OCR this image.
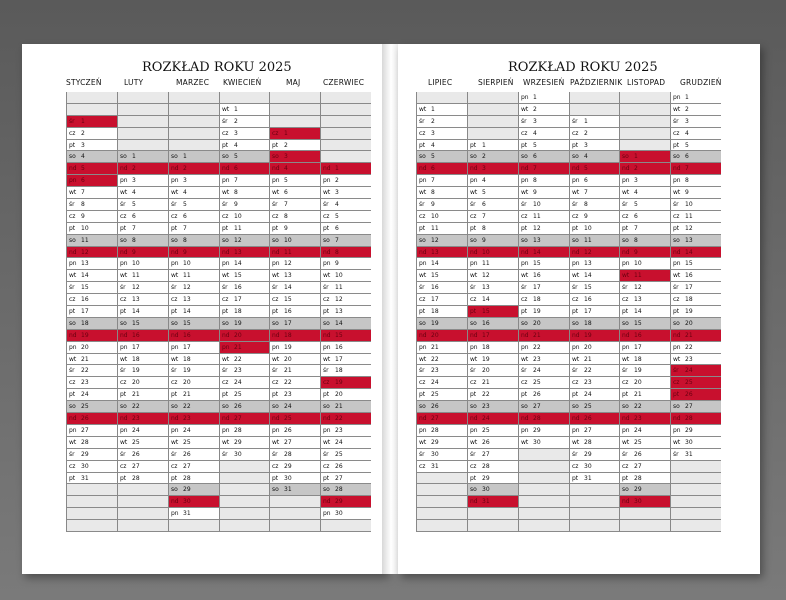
ROZKŁAD ROKU 2025
STYCZEŃ
śr 1
cz 2
pt 3
so 4
nd 5
pn 6
wt 7
śr 8
cz 9
pt 10
so 11
nd 12
pn 13
wt 14
śr 15
cz 16
pt 17
so 18
nd 19
pn 20
wt 21
śr 22
cz 23
pt 24
so 25
nd 26
pn 27
wt 28
śr 29
cz 30
pt 31
LUTY
so 1
nd 2
pn 3
wt 4
śr 5
cz 6
pt 7
so 8
nd 9
pn 10
wt 11
śr 12
cz 13
pt 14
so 15
nd 16
pn 17
wt 18
śr 19
cz 20
pt 21
so 22
nd 23
pn 24
wt 25
śr 26
cz 27
pt 28
MARZEC
so 1
nd 2
pn 3
wt 4
śr 5
cz 6
pt 7
so 8
nd 9
pn 10
wt 11
śr 12
cz 13
pt 14
so 15
nd 16
pn 17
wt 18
śr 19
cz 20
pt 21
so 22
nd 23
pn 24
wt 25
śr 26
cz 27
pt 28
so 29
nd 30
pn 31
KWIECIEŃ
wt 1
śr 2
cz 3
pt 4
so 5
nd 6
pn 7
wt 8
śr 9
cz 10
pt 11
so 12
nd 13
pn 14
wt 15
śr 16
cz 17
pt 18
so 19
nd 20
pn 21
wt 22
śr 23
cz 24
pt 25
so 26
nd 27
pn 28
wt 29
śr 30
MAJ
cz 1
pt 2
so 3
nd 4
pn 5
wt 6
śr 7
cz 8
pt 9
so 10
nd 11
pn 12
wt 13
śr 14
cz 15
pt 16
so 17
nd 18
pn 19
wt 20
śr 21
cz 22
pt 23
so 24
nd 25
pn 26
wt 27
śr 28
cz 29
pt 30
so 31
CZERWIEC
nd 1
pn 2
wt 3
śr 4
cz 5
pt 6
so 7
nd 8
pn 9
wt 10
śr 11
cz 12
pt 13
so 14
nd 15
pn 16
wt 17
śr 18
cz 19
pt 20
so 21
nd 22
pn 23
wt 24
śr 25
cz 26
pt 27
so 28
nd 29
pn 30
ROZKŁAD ROKU 2025
LIPIEC
wt 1
śr 2
cz 3
pt 4
so 5
nd 6
pn 7
wt 8
śr 9
cz 10
pt 11
so 12
nd 13
pn 14
wt 15
śr 16
cz 17
pt 18
so 19
nd 20
pn 21
wt 22
śr 23
cz 24
pt 25
so 26
nd 27
pn 28
wt 29
śr 30
cz 31
SIERPIEŃ
pt 1
so 2
nd 3
pn 4
wt 5
śr 6
cz 7
pt 8
so 9
nd 10
pn 11
wt 12
śr 13
cz 14
pt 15
so 16
nd 17
pn 18
wt 19
śr 20
cz 21
pt 22
so 23
nd 24
pn 25
wt 26
śr 27
cz 28
pt 29
so 30
nd 31
WRZESIEŃ
pn 1
wt 2
śr 3
cz 4
pt 5
so 6
nd 7
pn 8
wt 9
śr 10
cz 11
pt 12
so 13
nd 14
pn 15
wt 16
śr 17
cz 18
pt 19
so 20
nd 21
pn 22
wt 23
śr 24
cz 25
pt 26
so 27
nd 28
pn 29
wt 30
PAŹDZIERNIK
śr 1
cz 2
pt 3
so 4
nd 5
pn 6
wt 7
śr 8
cz 9
pt 10
so 11
nd 12
pn 13
wt 14
śr 15
cz 16
pt 17
so 18
nd 19
pn 20
wt 21
śr 22
cz 23
pt 24
so 25
nd 26
pn 27
wt 28
śr 29
cz 30
pt 31
LISTOPAD
so 1
nd 2
pn 3
wt 4
śr 5
cz 6
pt 7
so 8
nd 9
pn 10
wt 11
śr 12
cz 13
pt 14
so 15
nd 16
pn 17
wt 18
śr 19
cz 20
pt 21
so 22
nd 23
pn 24
wt 25
śr 26
cz 27
pt 28
so 29
nd 30
GRUDZIEŃ
pn 1
wt 2
śr 3
cz 4
pt 5
so 6
nd 7
pn 8
wt 9
śr 10
cz 11
pt 12
so 13
nd 14
pn 15
wt 16
śr 17
cz 18
pt 19
so 20
nd 21
pn 22
wt 23
śr 24
cz 25
pt 26
so 27
nd 28
pn 29
wt 30
śr 31
